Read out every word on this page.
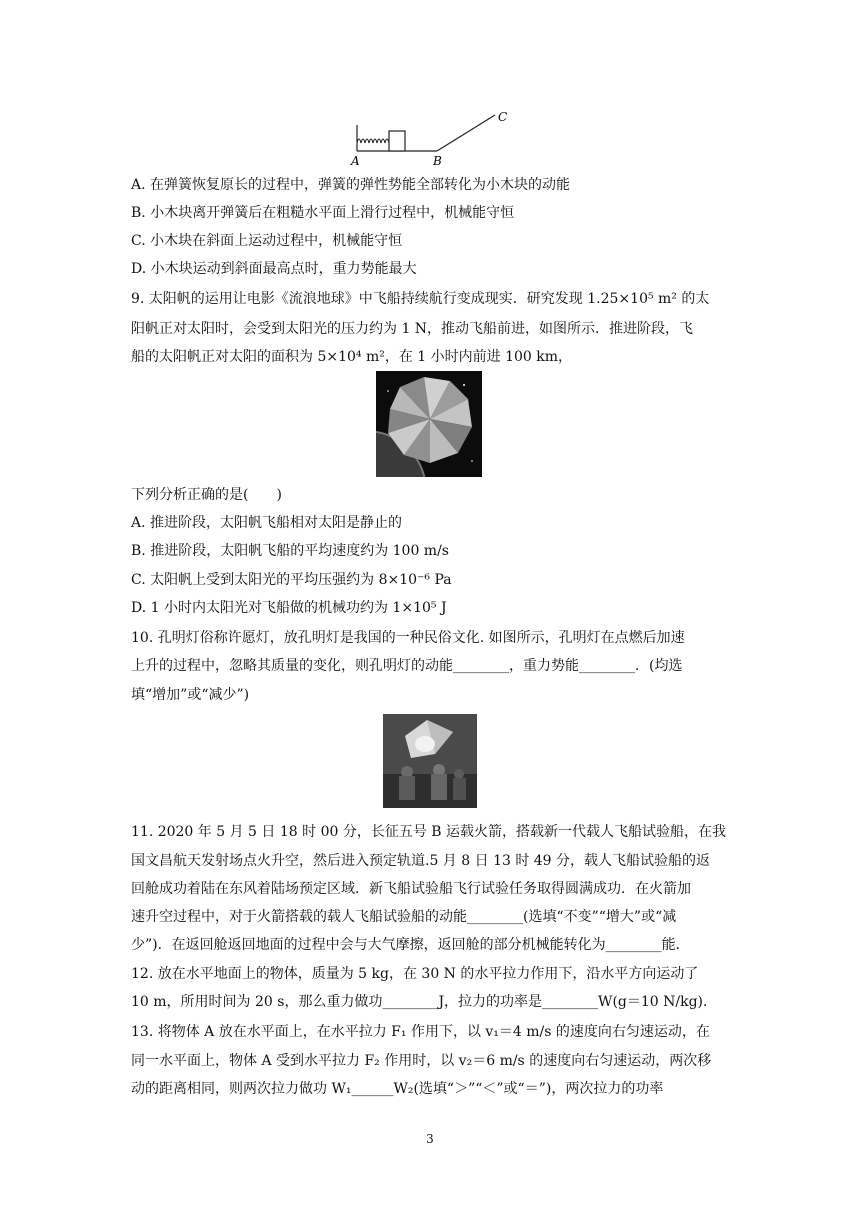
A	B
C
A. 在弹簧恢复原长的过程中，弹簧的弹性势能全部转化为小木块的动能
B. 小木块离开弹簧后在粗糙水平面上滑行过程中，机械能守恒
C. 小木块在斜面上运动过程中，机械能守恒
D. 小木块运动到斜面最高点时，重力势能最大
9. 太阳帆的运用让电影《流浪地球》中飞船持续航行变成现实．研究发现 1.25×10⁵ m² 的太
阳帆正对太阳时，会受到太阳光的压力约为 1 N，推动飞船前进，如图所示．推进阶段，飞
船的太阳帆正对太阳的面积为 5×10⁴ m²，在 1 小时内前进 100 km，
下列分析正确的是(　　)
A. 推进阶段，太阳帆飞船相对太阳是静止的
B. 推进阶段，太阳帆飞船的平均速度约为 100 m/s
C. 太阳帆上受到太阳光的平均压强约为 8×10⁻⁶ Pa
D. 1 小时内太阳光对飞船做的机械功约为 1×10⁵ J
10. 孔明灯俗称许愿灯，放孔明灯是我国的一种民俗文化. 如图所示，孔明灯在点燃后加速
上升的过程中，忽略其质量的变化，则孔明灯的动能________，重力势能________．(均选
填“增加”或“减少”)
11. 2020 年 5 月 5 日 18 时 00 分，长征五号 B 运载火箭，搭载新一代载人飞船试验船，在我
国文昌航天发射场点火升空，然后进入预定轨道.5 月 8 日 13 时 49 分，载人飞船试验船的返
回舱成功着陆在东风着陆场预定区域．新飞船试验船飞行试验任务取得圆满成功．在火箭加
速升空过程中，对于火箭搭载的载人飞船试验船的动能________(选填“不变”“增大”或“减
少”)．在返回舱返回地面的过程中会与大气摩擦，返回舱的部分机械能转化为________能．
12. 放在水平地面上的物体，质量为 5 kg，在 30 N 的水平拉力作用下，沿水平方向运动了
10 m，所用时间为 20 s，那么重力做功________J，拉力的功率是________W(g＝10 N/kg)．
13. 将物体 A 放在水平面上，在水平拉力 F₁ 作用下，以 v₁＝4 m/s 的速度向右匀速运动，在
同一水平面上，物体 A 受到水平拉力 F₂ 作用时，以 v₂＝6 m/s 的速度向右匀速运动，两次移
动的距离相同，则两次拉力做功 W₁______W₂(选填“＞”“＜”或“＝”)，两次拉力的功率
3
